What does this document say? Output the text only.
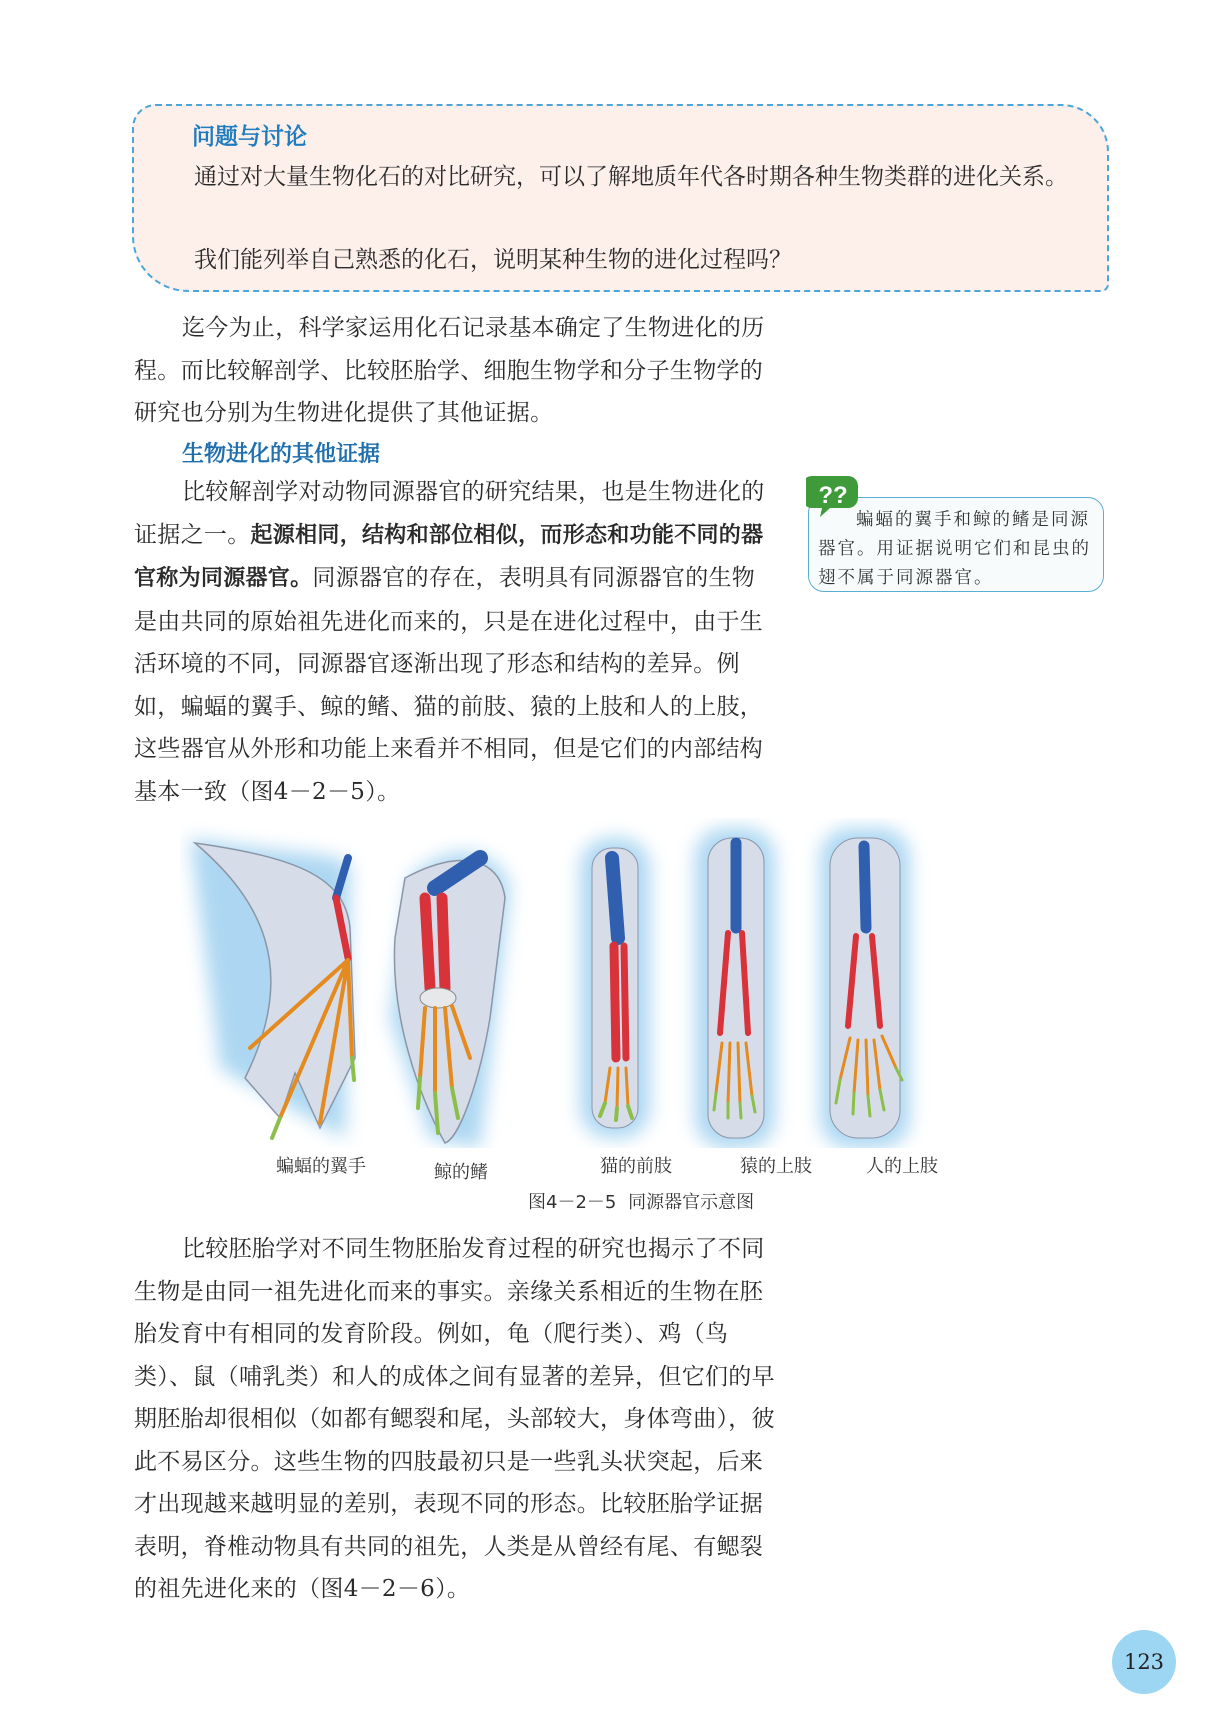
问题与讨论

通过对大量生物化石的对比研究，可以了解地质年代各时期各种生物类群的进化关系。

我们能列举自己熟悉的化石，说明某种生物的进化过程吗？

迄今为止，科学家运用化石记录基本确定了生物进化的历程。而比较解剖学、比较胚胎学、细胞生物学和分子生物学的研究也分别为生物进化提供了其他证据。

生物进化的其他证据

比较解剖学对动物同源器官的研究结果，也是生物进化的证据之一。起源相同，结构和部位相似，而形态和功能不同的器官称为同源器官。同源器官的存在，表明具有同源器官的生物是由共同的原始祖先进化而来的，只是在进化过程中，由于生活环境的不同，同源器官逐渐出现了形态和结构的差异。例如，蝙蝠的翼手、鲸的鳍、猫的前肢、猿的上肢和人的上肢，这些器官从外形和功能上来看并不相同，但是它们的内部结构基本一致（图4－2－5）。

??

蝙蝠的翼手和鲸的鳍是同源器官。用证据说明它们和昆虫的翅不属于同源器官。

蝙蝠的翼手	鲸的鳍	猫的前肢	猿的上肢	人的上肢
图4－2－5 同源器官示意图

比较胚胎学对不同生物胚胎发育过程的研究也揭示了不同生物是由同一祖先进化而来的事实。亲缘关系相近的生物在胚胎发育中有相同的发育阶段。例如，龟（爬行类）、鸡（鸟类）、鼠（哺乳类）和人的成体之间有显著的差异，但它们的早期胚胎却很相似（如都有鳃裂和尾，头部较大，身体弯曲），彼此不易区分。这些生物的四肢最初只是一些乳头状突起，后来才出现越来越明显的差别，表现不同的形态。比较胚胎学证据表明，脊椎动物具有共同的祖先，人类是从曾经有尾、有鳃裂的祖先进化来的（图4－2－6）。

123
